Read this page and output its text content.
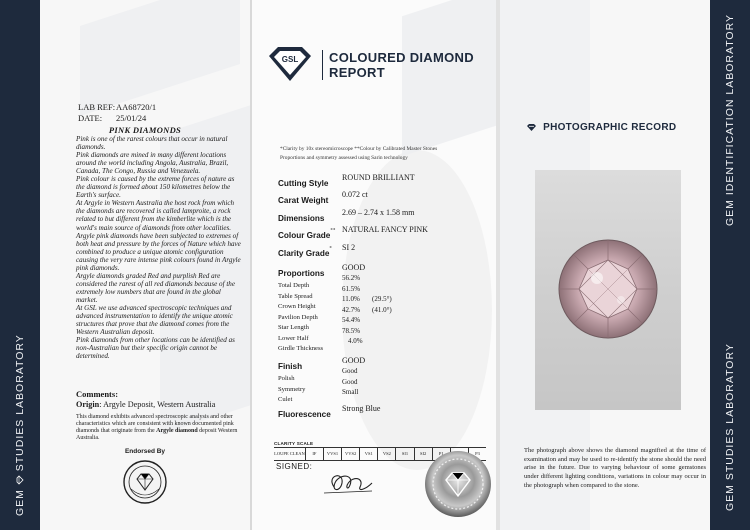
GEM  STUDIES LABORATORY
LAB REF:AA68720/1
DATE: 25/01/24
PINK DIAMONDS

Pink is one of the rarest colours that occur in natural diamonds.

Pink diamonds are mined in many different locations around the world including Angola, Australia, Brazil, Canada, The Congo, Russia and Venezuela.

Pink colour is caused by the extreme forces of nature as the diamond is formed about 150 kilometres below the Earth's surface.

At Argyle in Western Australia the host rock from which the diamonds are recovered is called lamproite, a rock related to but different from the kimberlite which is the world's main source of diamonds from other localities.

Argyle pink diamonds have been subjected to extremes of both heat and pressure by the forces of Nature which have combined to produce a unique atomic configuration causing the very rare intense pink colours found in Argyle pink diamonds.

Argyle diamonds graded Red and purplish Red are considered the rarest of all red diamonds because of the extremely low numbers that are found in the global market.

At GSL we use advanced spectroscopic techniques and advanced instrumentation to identify the unique atomic structures that prove that the diamond comes from the Western Australian deposit.

Pink diamonds from other locations can be identified as non-Australian but their specific origin cannot be determined.

Comments:
Origin: Argyle Deposit, Western Australia
This diamond exhibits advanced spectroscopic analysis and other characteristics which are consistent with known documented pink diamonds that originate from the Argyle diamond deposit Western Australia.
Endorsed By
GSL COLOURED DIAMOND
REPORT
*Clarity by 10x stereomicroscope **Colour by Calibrated Master Stones
Proportions and symmetry assessed using Sarin technology
Cutting Style
ROUND BRILLIANT
Carat Weight
0.072 ct
Dimensions
2.69 – 2.74 x 1.58 mm
Colour Grade** NATURAL FANCY PINK
Clarity Grade* SI 2
Proportions
GOOD
Total Depth
56.2%
Table Spread
61.5%
Crown Height
11.0% (29.5°)
Pavilion Depth
42.7% (41.0°)
Star Length
54.4%
Lower Half
78.5%
Girdle Thickness
4.0%
Finish
GOOD
Polish
Good
Symmetry
Good
Culet
Small
Fluorescence
Strong Blue
CLARITY SCALE
LOUPE CLEAN	IF	VVS1	VVS2	VS1	VS2	SI1	SI2	P1	P3
SIGNED:
PHOTOGRAPHIC RECORD
The photograph above shows the diamond magnified at the time of examination and may be used to re-identify the stone should the need arise in the future. Due to varying behaviour of some gemstones under different lighting conditions, variations in colour may occur in the photograph when compared to the stone.
GEM IDENTIFICATION LABORATORY
GEM STUDIES LABORATORY
